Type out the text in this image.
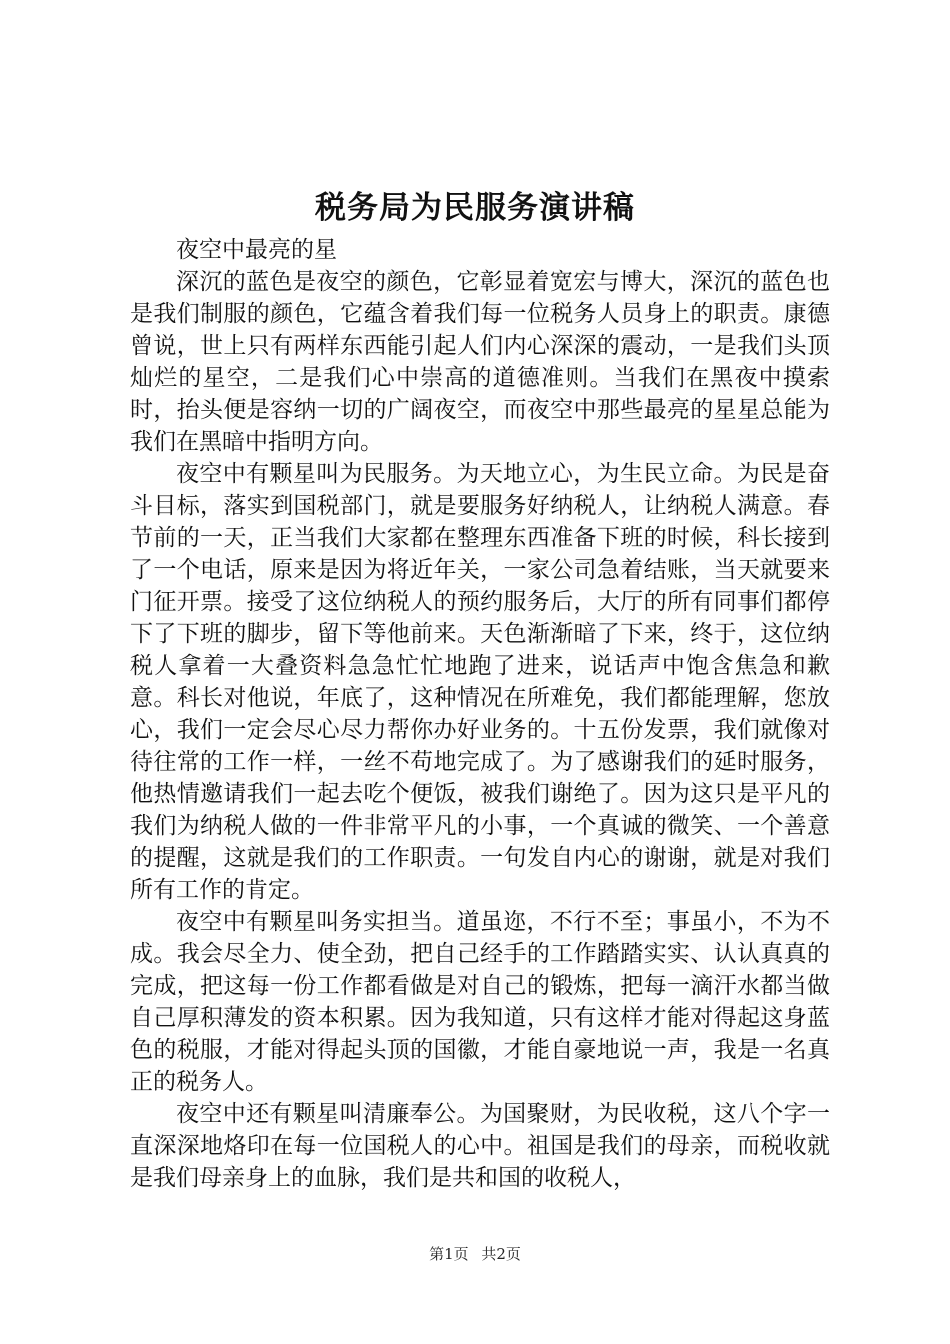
税务局为民服务演讲稿

夜空中最亮的星

深沉的蓝色是夜空的颜色，它彰显着宽宏与博大，深沉的蓝色也是我们制服的颜色，它蕴含着我们每一位税务人员身上的职责。康德曾说，世上只有两样东西能引起人们内心深深的震动，一是我们头顶灿烂的星空，二是我们心中崇高的道德准则。当我们在黑夜中摸索时，抬头便是容纳一切的广阔夜空，而夜空中那些最亮的星星总能为我们在黑暗中指明方向。

夜空中有颗星叫为民服务。为天地立心，为生民立命。为民是奋斗目标，落实到国税部门，就是要服务好纳税人，让纳税人满意。春节前的一天，正当我们大家都在整理东西准备下班的时候，科长接到了一个电话，原来是因为将近年关，一家公司急着结账，当天就要来门征开票。接受了这位纳税人的预约服务后，大厅的所有同事们都停下了下班的脚步，留下等他前来。天色渐渐暗了下来，终于，这位纳税人拿着一大叠资料急急忙忙地跑了进来，说话声中饱含焦急和歉意。科长对他说，年底了，这种情况在所难免，我们都能理解，您放心，我们一定会尽心尽力帮你办好业务的。十五份发票，我们就像对待往常的工作一样，一丝不苟地完成了。为了感谢我们的延时服务，他热情邀请我们一起去吃个便饭，被我们谢绝了。因为这只是平凡的我们为纳税人做的一件非常平凡的小事，一个真诚的微笑、一个善意的提醒，这就是我们的工作职责。一句发自内心的谢谢，就是对我们所有工作的肯定。

夜空中有颗星叫务实担当。道虽迩，不行不至；事虽小，不为不成。我会尽全力、使全劲，把自己经手的工作踏踏实实、认认真真的完成，把这每一份工作都看做是对自己的锻炼，把每一滴汗水都当做自己厚积薄发的资本积累。因为我知道，只有这样才能对得起这身蓝色的税服，才能对得起头顶的国徽，才能自豪地说一声，我是一名真正的税务人。

夜空中还有颗星叫清廉奉公。为国聚财，为民收税，这八个字一直深深地烙印在每一位国税人的心中。祖国是我们的母亲，而税收就是我们母亲身上的血脉，我们是共和国的收税人，

第1页 共2页
